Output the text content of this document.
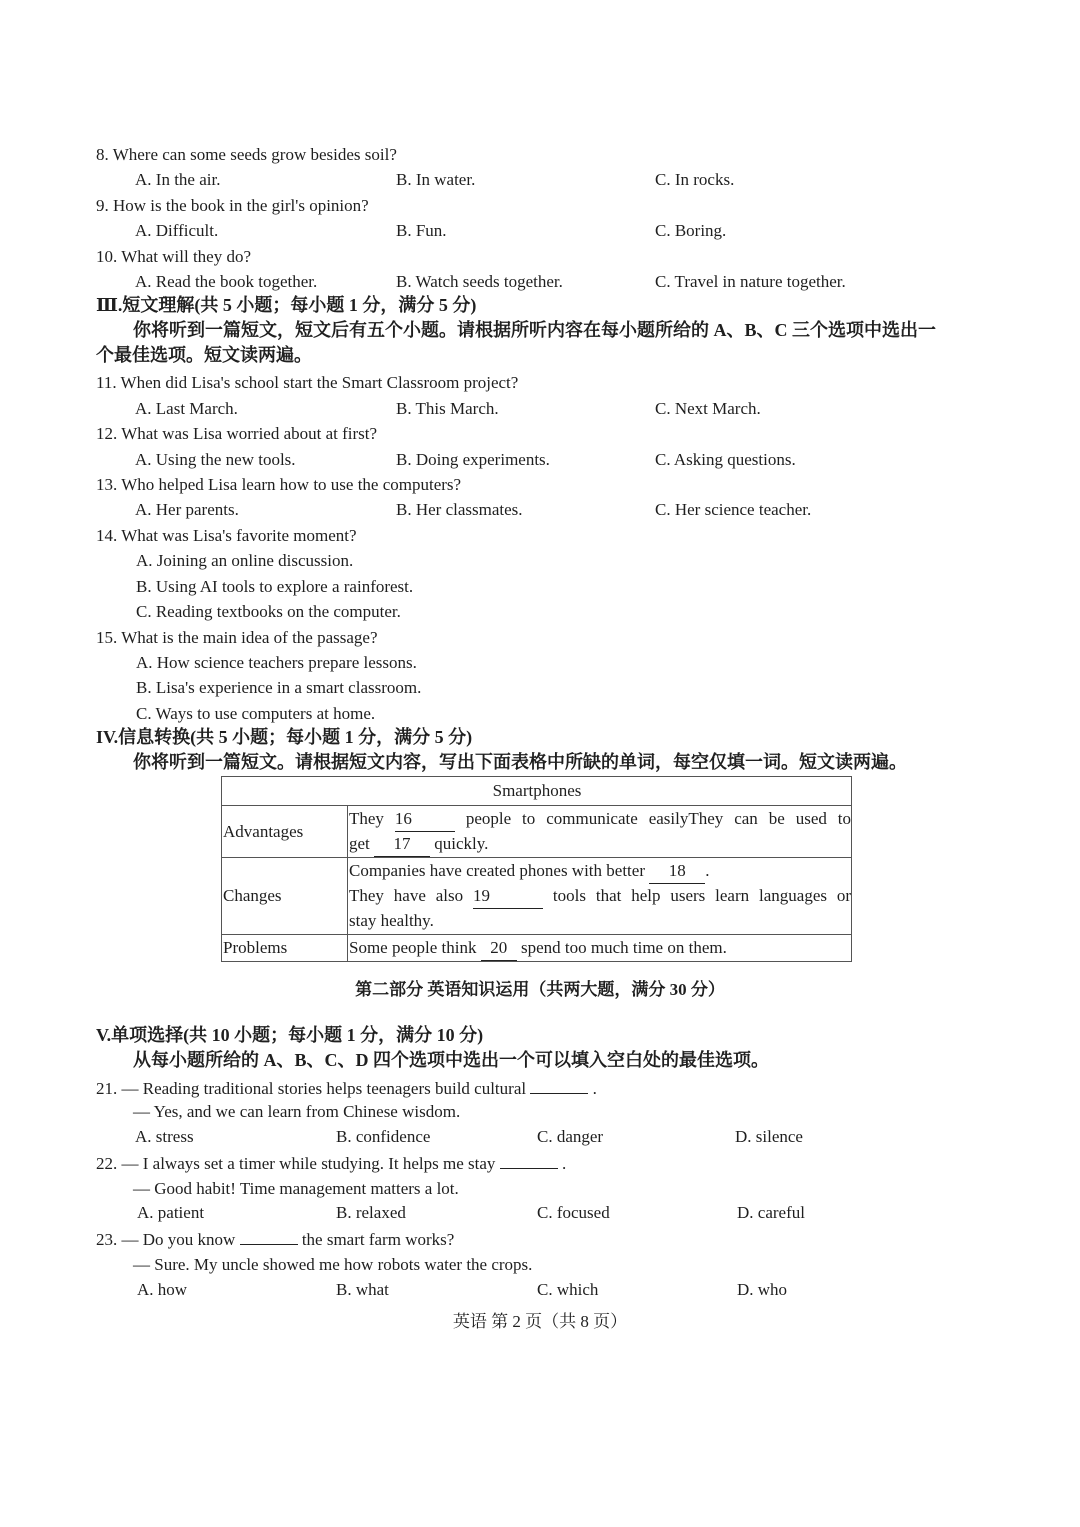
8. Where can some seeds grow besides soil?
A. In the air.	B. In water.	C. In rocks.
9. How is the book in the girl's opinion?
A. Difficult.	B. Fun.	C. Boring.
10. What will they do?
A. Read the book together.	B. Watch seeds together.	C. Travel in nature together.
Ⅲ.短文理解(共 5 小题；每小题 1 分，满分 5 分)
你将听到一篇短文，短文后有五个小题。请根据所听内容在每小题所给的 A、B、C 三个选项中选出一
个最佳选项。短文读两遍。
11. When did Lisa's school start the Smart Classroom project?
A. Last March.	B. This March.	C. Next March.
12. What was Lisa worried about at first?
A. Using the new tools.	B. Doing experiments.	C. Asking questions.
13. Who helped Lisa learn how to use the computers?
A. Her parents.	B. Her classmates.	C. Her science teacher.
14. What was Lisa's favorite moment?
A. Joining an online discussion.
B. Using AI tools to explore a rainforest.
C. Reading textbooks on the computer.
15. What is the main idea of the passage?
A. How science teachers prepare lessons.
B. Lisa's experience in a smart classroom.
C. Ways to use computers at home.
IV.信息转换(共 5 小题；每小题 1 分，满分 5 分)
你将听到一篇短文。请根据短文内容，写出下面表格中所缺的单词，每空仅填一词。短文读两遍。
Smartphones	
Advantages	They 16 people to communicate easilyThey can be used to
get 17 quickly.
Changes	Companies have created phones with better 18 .
They have also 19 tools that help users learn languages or
stay healthy.

Problems	Some people think 20 spend too much time on them.
第二部分 英语知识运用（共两大题，满分 30 分）
V.单项选择(共 10 小题；每小题 1 分，满分 10 分)
从每小题所给的 A、B、C、D 四个选项中选出一个可以填入空白处的最佳选项。
21. — Reading traditional stories helps teenagers build cultural	.
— Yes, and we can learn from Chinese wisdom.
A. stress	B. confidence	C. danger	D. silence
22. — I always set a timer while studying. It helps me stay	.
— Good habit! Time management matters a lot.
A. patient	B. relaxed	C. focused	D. careful
23. — Do you know	the smart farm works?
— Sure. My uncle showed me how robots water the crops.
A. how	B. what	C. which	D. who
英语 第 2 页（共 8 页）
